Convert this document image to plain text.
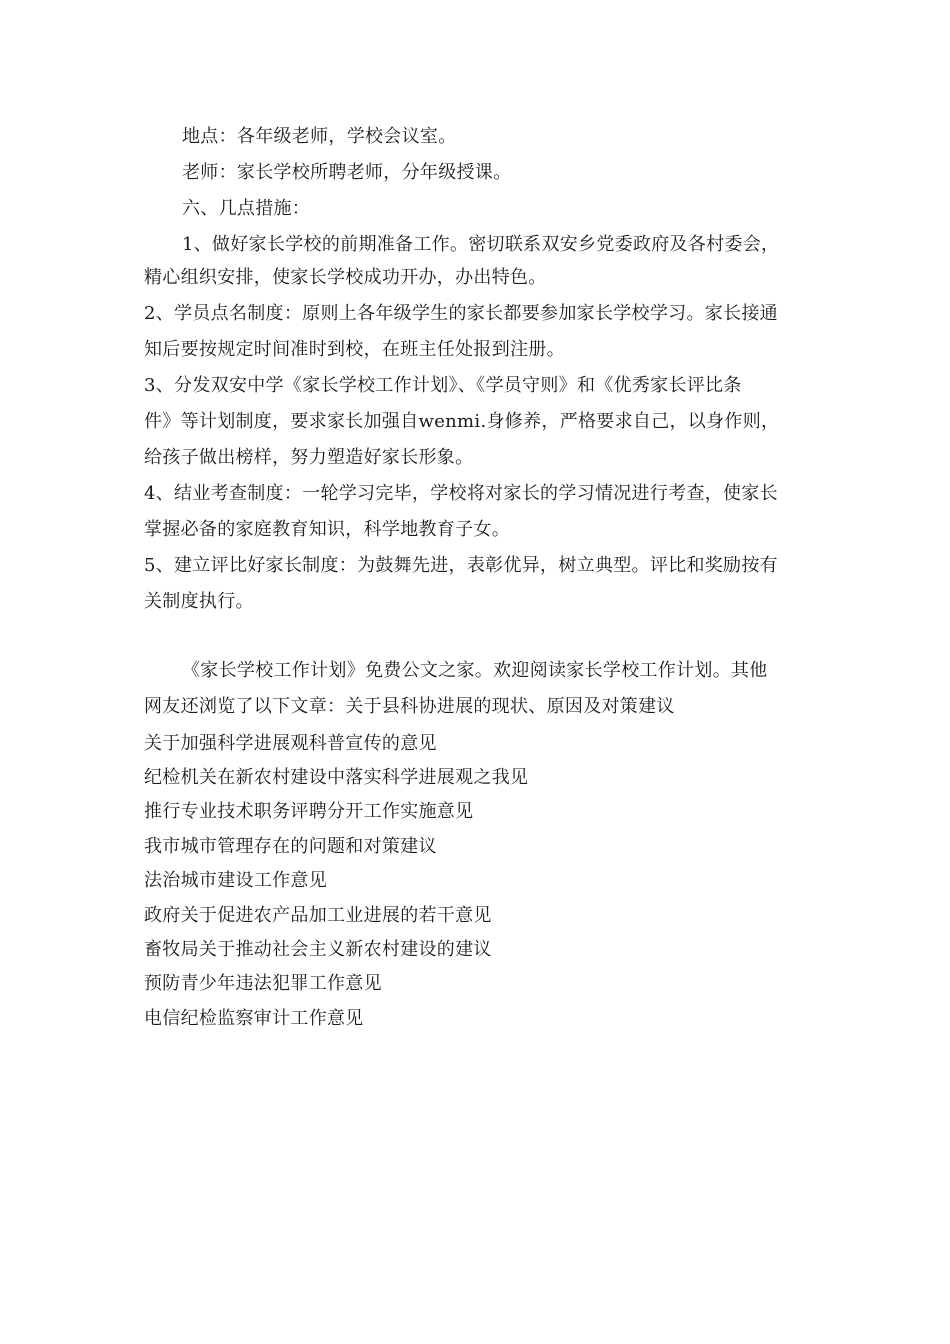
地点：各年级老师，学校会议室。
老师：家长学校所聘老师，分年级授课。
六、几点措施：
1、做好家长学校的前期准备工作。密切联系双安乡党委政府及各村委会，
精心组织安排，使家长学校成功开办，办出特色。
2、学员点名制度：原则上各年级学生的家长都要参加家长学校学习。家长接通
知后要按规定时间准时到校，在班主任处报到注册。
3、分发双安中学《家长学校工作计划》、《学员守则》和《优秀家长评比条
件》等计划制度，要求家长加强自wenmi.身修养，严格要求自己，以身作则，
给孩子做出榜样，努力塑造好家长形象。
4、结业考查制度：一轮学习完毕，学校将对家长的学习情况进行考查，使家长
掌握必备的家庭教育知识，科学地教育子女。
5、建立评比好家长制度：为鼓舞先进，表彰优异，树立典型。评比和奖励按有
关制度执行。
《家长学校工作计划》免费公文之家。欢迎阅读家长学校工作计划。其他
网友还浏览了以下文章：关于县科协进展的现状、原因及对策建议
关于加强科学进展观科普宣传的意见
纪检机关在新农村建设中落实科学进展观之我见
推行专业技术职务评聘分开工作实施意见
我市城市管理存在的问题和对策建议
法治城市建设工作意见
政府关于促进农产品加工业进展的若干意见
畜牧局关于推动社会主义新农村建设的建议
预防青少年违法犯罪工作意见
电信纪检监察审计工作意见
